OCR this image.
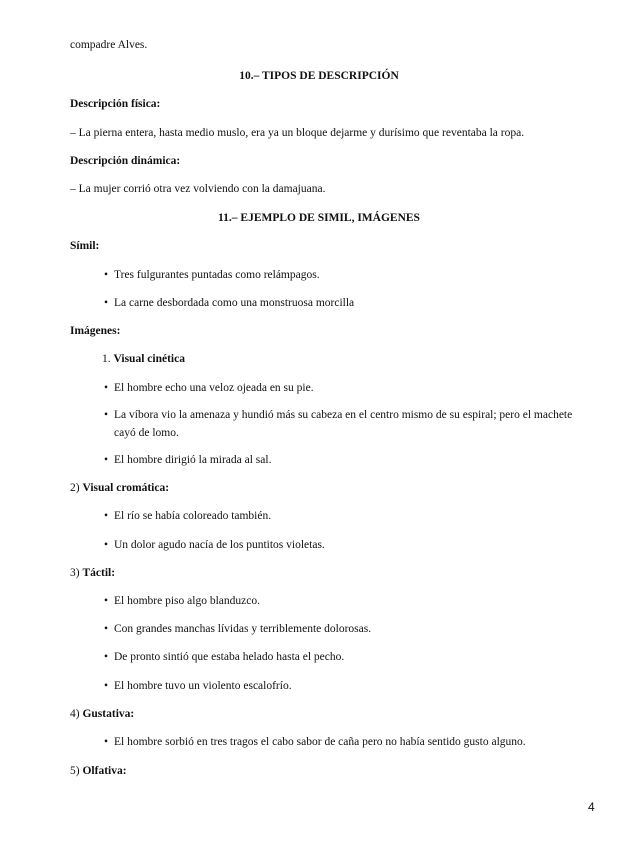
compadre Alves.
10.– TIPOS DE DESCRIPCIÓN
Descripción física:
– La pierna entera, hasta medio muslo, era ya un bloque dejarme y durísimo que reventaba la ropa.
Descripción dinámica:
– La mujer corrió otra vez volviendo con la damajuana.
11.– EJEMPLO DE SIMIL, IMÁGENES
Símil:
• Tres fulgurantes puntadas como relámpagos.
• La carne desbordada como una monstruosa morcilla
Imágenes:
1. Visual cinética
• El hombre echo una veloz ojeada en su pie.
• La víbora vio la amenaza y hundió más su cabeza en el centro mismo de su espiral; pero el machete cayó de lomo.
• El hombre dirigió la mirada al sal.
2) Visual cromática:
• El río se había coloreado también.
• Un dolor agudo nacía de los puntitos violetas.
3) Táctil:
• El hombre piso algo blanduzco.
• Con grandes manchas lívidas y terriblemente dolorosas.
• De pronto sintió que estaba helado hasta el pecho.
• El hombre tuvo un violento escalofrío.
4) Gustativa:
• El hombre sorbió en tres tragos el cabo sabor de caña pero no había sentido gusto alguno.
5) Olfativa:
4
